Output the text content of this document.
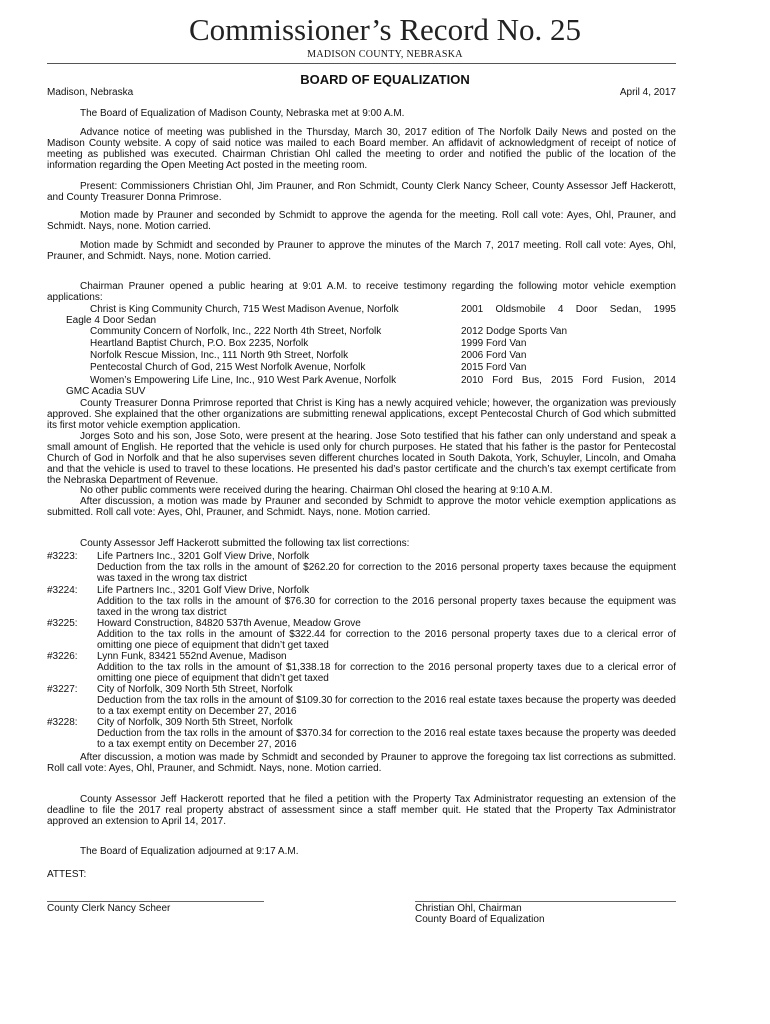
Commissioner’s Record No. 25
MADISON COUNTY, NEBRASKA
BOARD OF EQUALIZATION
Madison, Nebraska	April 4, 2017
The Board of Equalization of Madison County, Nebraska met at 9:00 A.M.
Advance notice of meeting was published in the Thursday, March 30, 2017 edition of The Norfolk Daily News and posted on the Madison County website. A copy of said notice was mailed to each Board member. An affidavit of acknowledgment of receipt of notice of meeting as published was executed. Chairman Christian Ohl called the meeting to order and notified the public of the location of the information regarding the Open Meeting Act posted in the meeting room.
Present: Commissioners Christian Ohl, Jim Prauner, and Ron Schmidt, County Clerk Nancy Scheer, County Assessor Jeff Hackerott, and County Treasurer Donna Primrose.
Motion made by Prauner and seconded by Schmidt to approve the agenda for the meeting. Roll call vote: Ayes, Ohl, Prauner, and Schmidt. Nays, none. Motion carried.
Motion made by Schmidt and seconded by Prauner to approve the minutes of the March 7, 2017 meeting. Roll call vote: Ayes, Ohl, Prauner, and Schmidt. Nays, none. Motion carried.
Chairman Prauner opened a public hearing at 9:01 A.M. to receive testimony regarding the following motor vehicle exemption applications:
Christ is King Community Church, 715 West Madison Avenue, Norfolk	2001 Oldsmobile 4 Door Sedan, 1995
Eagle 4 Door Sedan
Community Concern of Norfolk, Inc., 222 North 4th Street, Norfolk	2012 Dodge Sports Van
Heartland Baptist Church, P.O. Box 2235, Norfolk	1999 Ford Van
Norfolk Rescue Mission, Inc., 111 North 9th Street, Norfolk	2006 Ford Van
Pentecostal Church of God, 215 West Norfolk Avenue, Norfolk	2015 Ford Van
Women’s Empowering Life Line, Inc., 910 West Park Avenue, Norfolk	2010 Ford Bus, 2015 Ford Fusion, 2014
GMC Acadia SUV
County Treasurer Donna Primrose reported that Christ is King has a newly acquired vehicle; however, the organization was previously approved. She explained that the other organizations are submitting renewal applications, except Pentecostal Church of God which submitted its first motor vehicle exemption application.
Jorges Soto and his son, Jose Soto, were present at the hearing. Jose Soto testified that his father can only understand and speak a small amount of English. He reported that the vehicle is used only for church purposes. He stated that his father is the pastor for Pentecostal Church of God in Norfolk and that he also supervises seven different churches located in South Dakota, York, Schuyler, Lincoln, and Omaha and that the vehicle is used to travel to these locations. He presented his dad’s pastor certificate and the church’s tax exempt certificate from the Nebraska Department of Revenue.
No other public comments were received during the hearing. Chairman Ohl closed the hearing at 9:10 A.M.
After discussion, a motion was made by Prauner and seconded by Schmidt to approve the motor vehicle exemption applications as submitted. Roll call vote: Ayes, Ohl, Prauner, and Schmidt. Nays, none. Motion carried.
County Assessor Jeff Hackerott submitted the following tax list corrections:
#3223: Life Partners Inc., 3201 Golf View Drive, Norfolk
Deduction from the tax rolls in the amount of $262.20 for correction to the 2016 personal property taxes because the equipment was taxed in the wrong tax district
#3224: Life Partners Inc., 3201 Golf View Drive, Norfolk
Addition to the tax rolls in the amount of $76.30 for correction to the 2016 personal property taxes because the equipment was taxed in the wrong tax district
#3225: Howard Construction, 84820 537th Avenue, Meadow Grove
Addition to the tax rolls in the amount of $322.44 for correction to the 2016 personal property taxes due to a clerical error of omitting one piece of equipment that didn’t get taxed
#3226: Lynn Funk, 83421 552nd Avenue, Madison
Addition to the tax rolls in the amount of $1,338.18 for correction to the 2016 personal property taxes due to a clerical error of omitting one piece of equipment that didn’t get taxed
#3227: City of Norfolk, 309 North 5th Street, Norfolk
Deduction from the tax rolls in the amount of $109.30 for correction to the 2016 real estate taxes because the property was deeded to a tax exempt entity on December 27, 2016
#3228: City of Norfolk, 309 North 5th Street, Norfolk
Deduction from the tax rolls in the amount of $370.34 for correction to the 2016 real estate taxes because the property was deeded to a tax exempt entity on December 27, 2016
After discussion, a motion was made by Schmidt and seconded by Prauner to approve the foregoing tax list corrections as submitted. Roll call vote: Ayes, Ohl, Prauner, and Schmidt. Nays, none. Motion carried.
County Assessor Jeff Hackerott reported that he filed a petition with the Property Tax Administrator requesting an extension of the deadline to file the 2017 real property abstract of assessment since a staff member quit. He stated that the Property Tax Administrator approved an extension to April 14, 2017.
The Board of Equalization adjourned at 9:17 A.M.
ATTEST:
County Clerk Nancy Scheer	Christian Ohl, Chairman
County Board of Equalization
